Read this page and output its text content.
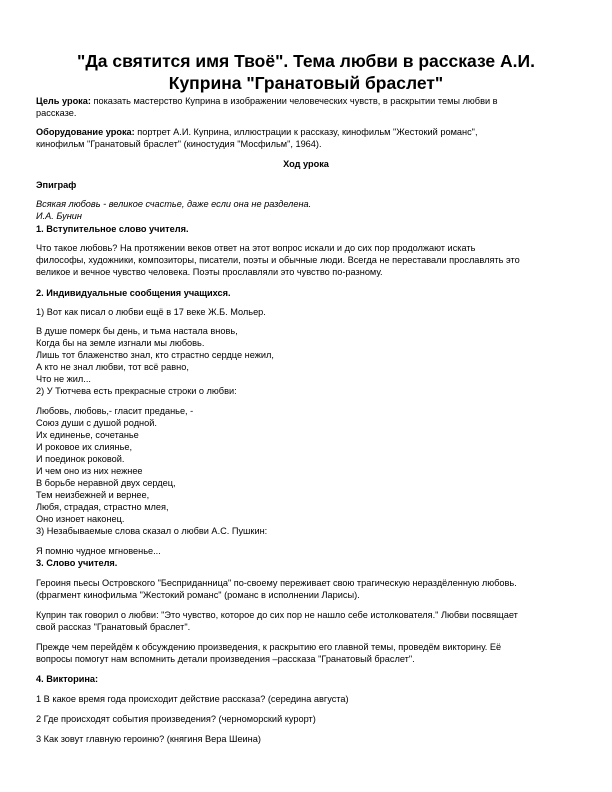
"Да святится имя Твоё". Тема любви в рассказе А.И.
Куприна "Гранатовый браслет"
Цель урока: показать мастерство Куприна в изображении человеческих чувств, в раскрытии темы любви в
рассказе.
Оборудование урока: портрет А.И. Куприна, иллюстрации к рассказу, кинофильм "Жестокий романс",
кинофильм "Гранатовый браслет" (киностудия "Мосфильм", 1964).
Ход урока
Эпиграф
Всякая любовь - великое счастье, даже если она не разделена.
И.А. Бунин
1. Вступительное слово учителя.
Что такое любовь? На протяжении веков ответ на этот вопрос искали и до сих пор продолжают искать
философы, художники, композиторы, писатели, поэты и обычные люди. Всегда не переставали прославлять это
великое и вечное чувство человека. Поэты прославляли это чувство по-разному.
2. Индивидуальные сообщения учащихся.
1) Вот как писал о любви ещё в 17 веке Ж.Б. Мольер.
В душе померк бы день, и тьма настала вновь,
Когда бы на земле изгнали мы любовь.
Лишь тот блаженство знал, кто страстно сердце нежил,
А кто не знал любви, тот всё равно,
Что не жил...
2) У Тютчева есть прекрасные строки о любви:
Любовь, любовь,- гласит преданье, -
Союз души с душой родной.
Их единенье, сочетанье
И роковое их слиянье,
И поединок роковой.
И чем оно из них нежнее
В борьбе неравной двух сердец,
Тем неизбежней и вернее,
Любя, страдая, страстно млея,
Оно изноет наконец.
3) Незабываемые слова сказал о любви А.С. Пушкин:
Я помню чудное мгновенье...
3. Слово учителя.
Героиня пьесы Островского "Бесприданница" по-своему переживает свою трагическую нераздёленную любовь.
(фрагмент кинофильма "Жестокий романс" (романс в исполнении Ларисы).
Куприн так говорил о любви: "Это чувство, которое до сих пор не нашло себе истолкователя." Любви посвящает
свой рассказ "Гранатовый браслет".
Прежде чем перейдём к обсуждению произведения, к раскрытию его главной темы, проведём викторину. Её
вопросы помогут нам вспомнить детали произведения –рассказа "Гранатовый браслет".
4. Викторина:
1 В какое время года происходит действие рассказа? (середина августа)
2 Где происходят события произведения? (черноморский курорт)
3 Как зовут главную героиню? (княгиня Вера Шеина)
